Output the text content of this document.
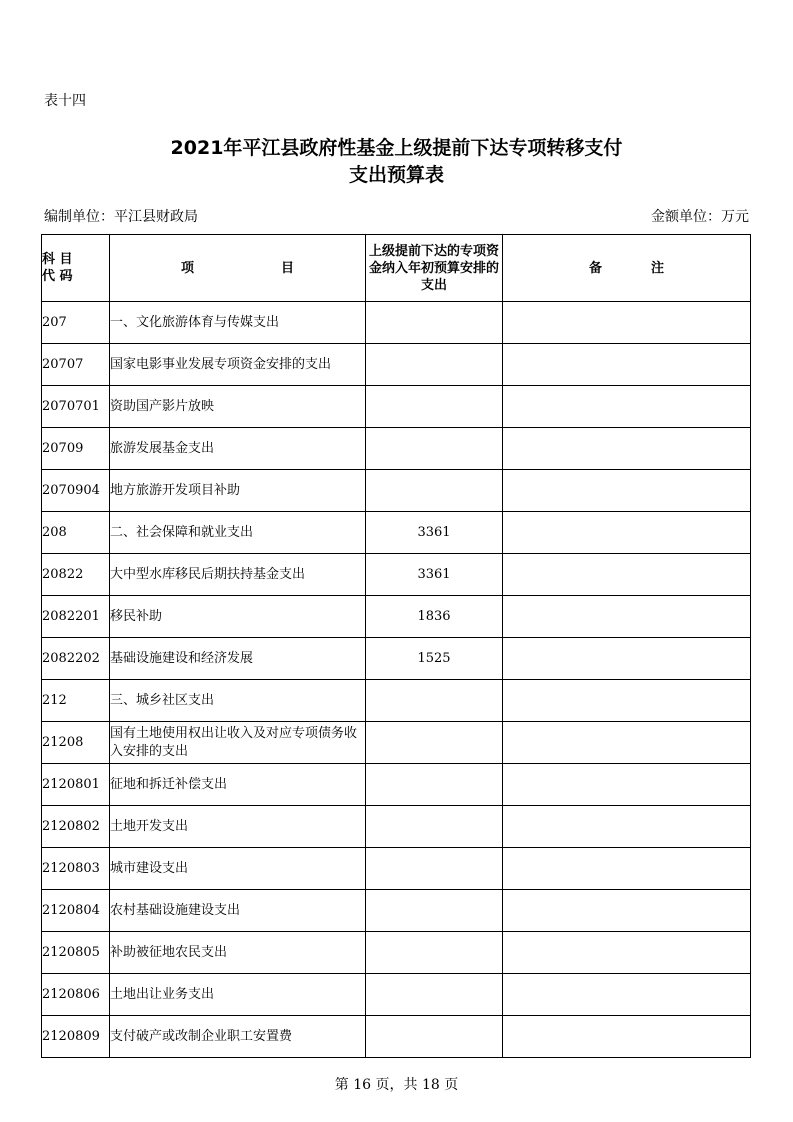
表十四
2021年平江县政府性基金上级提前下达专项转移支付
支出预算表
编制单位：平江县财政局	金额单位：万元
科 目
代 码	项 目	上级提前下达的专项资金纳入年初预算安排的支出	备 注
207	一、文化旅游体育与传媒支出		
20707	国家电影事业发展专项资金安排的支出		
2070701	资助国产影片放映		
20709	旅游发展基金支出		
2070904	地方旅游开发项目补助		
208	二、社会保障和就业支出	3361	
20822	大中型水库移民后期扶持基金支出	3361	
2082201	移民补助	1836	
2082202	基础设施建设和经济发展	1525	
212	三、城乡社区支出		
21208	国有土地使用权出让收入及对应专项债务收入安排的支出		
2120801	征地和拆迁补偿支出		
2120802	土地开发支出		
2120803	城市建设支出		
2120804	农村基础设施建设支出		
2120805	补助被征地农民支出		
2120806	土地出让业务支出		
2120809	支付破产或改制企业职工安置费		
第 16 页，共 18 页
